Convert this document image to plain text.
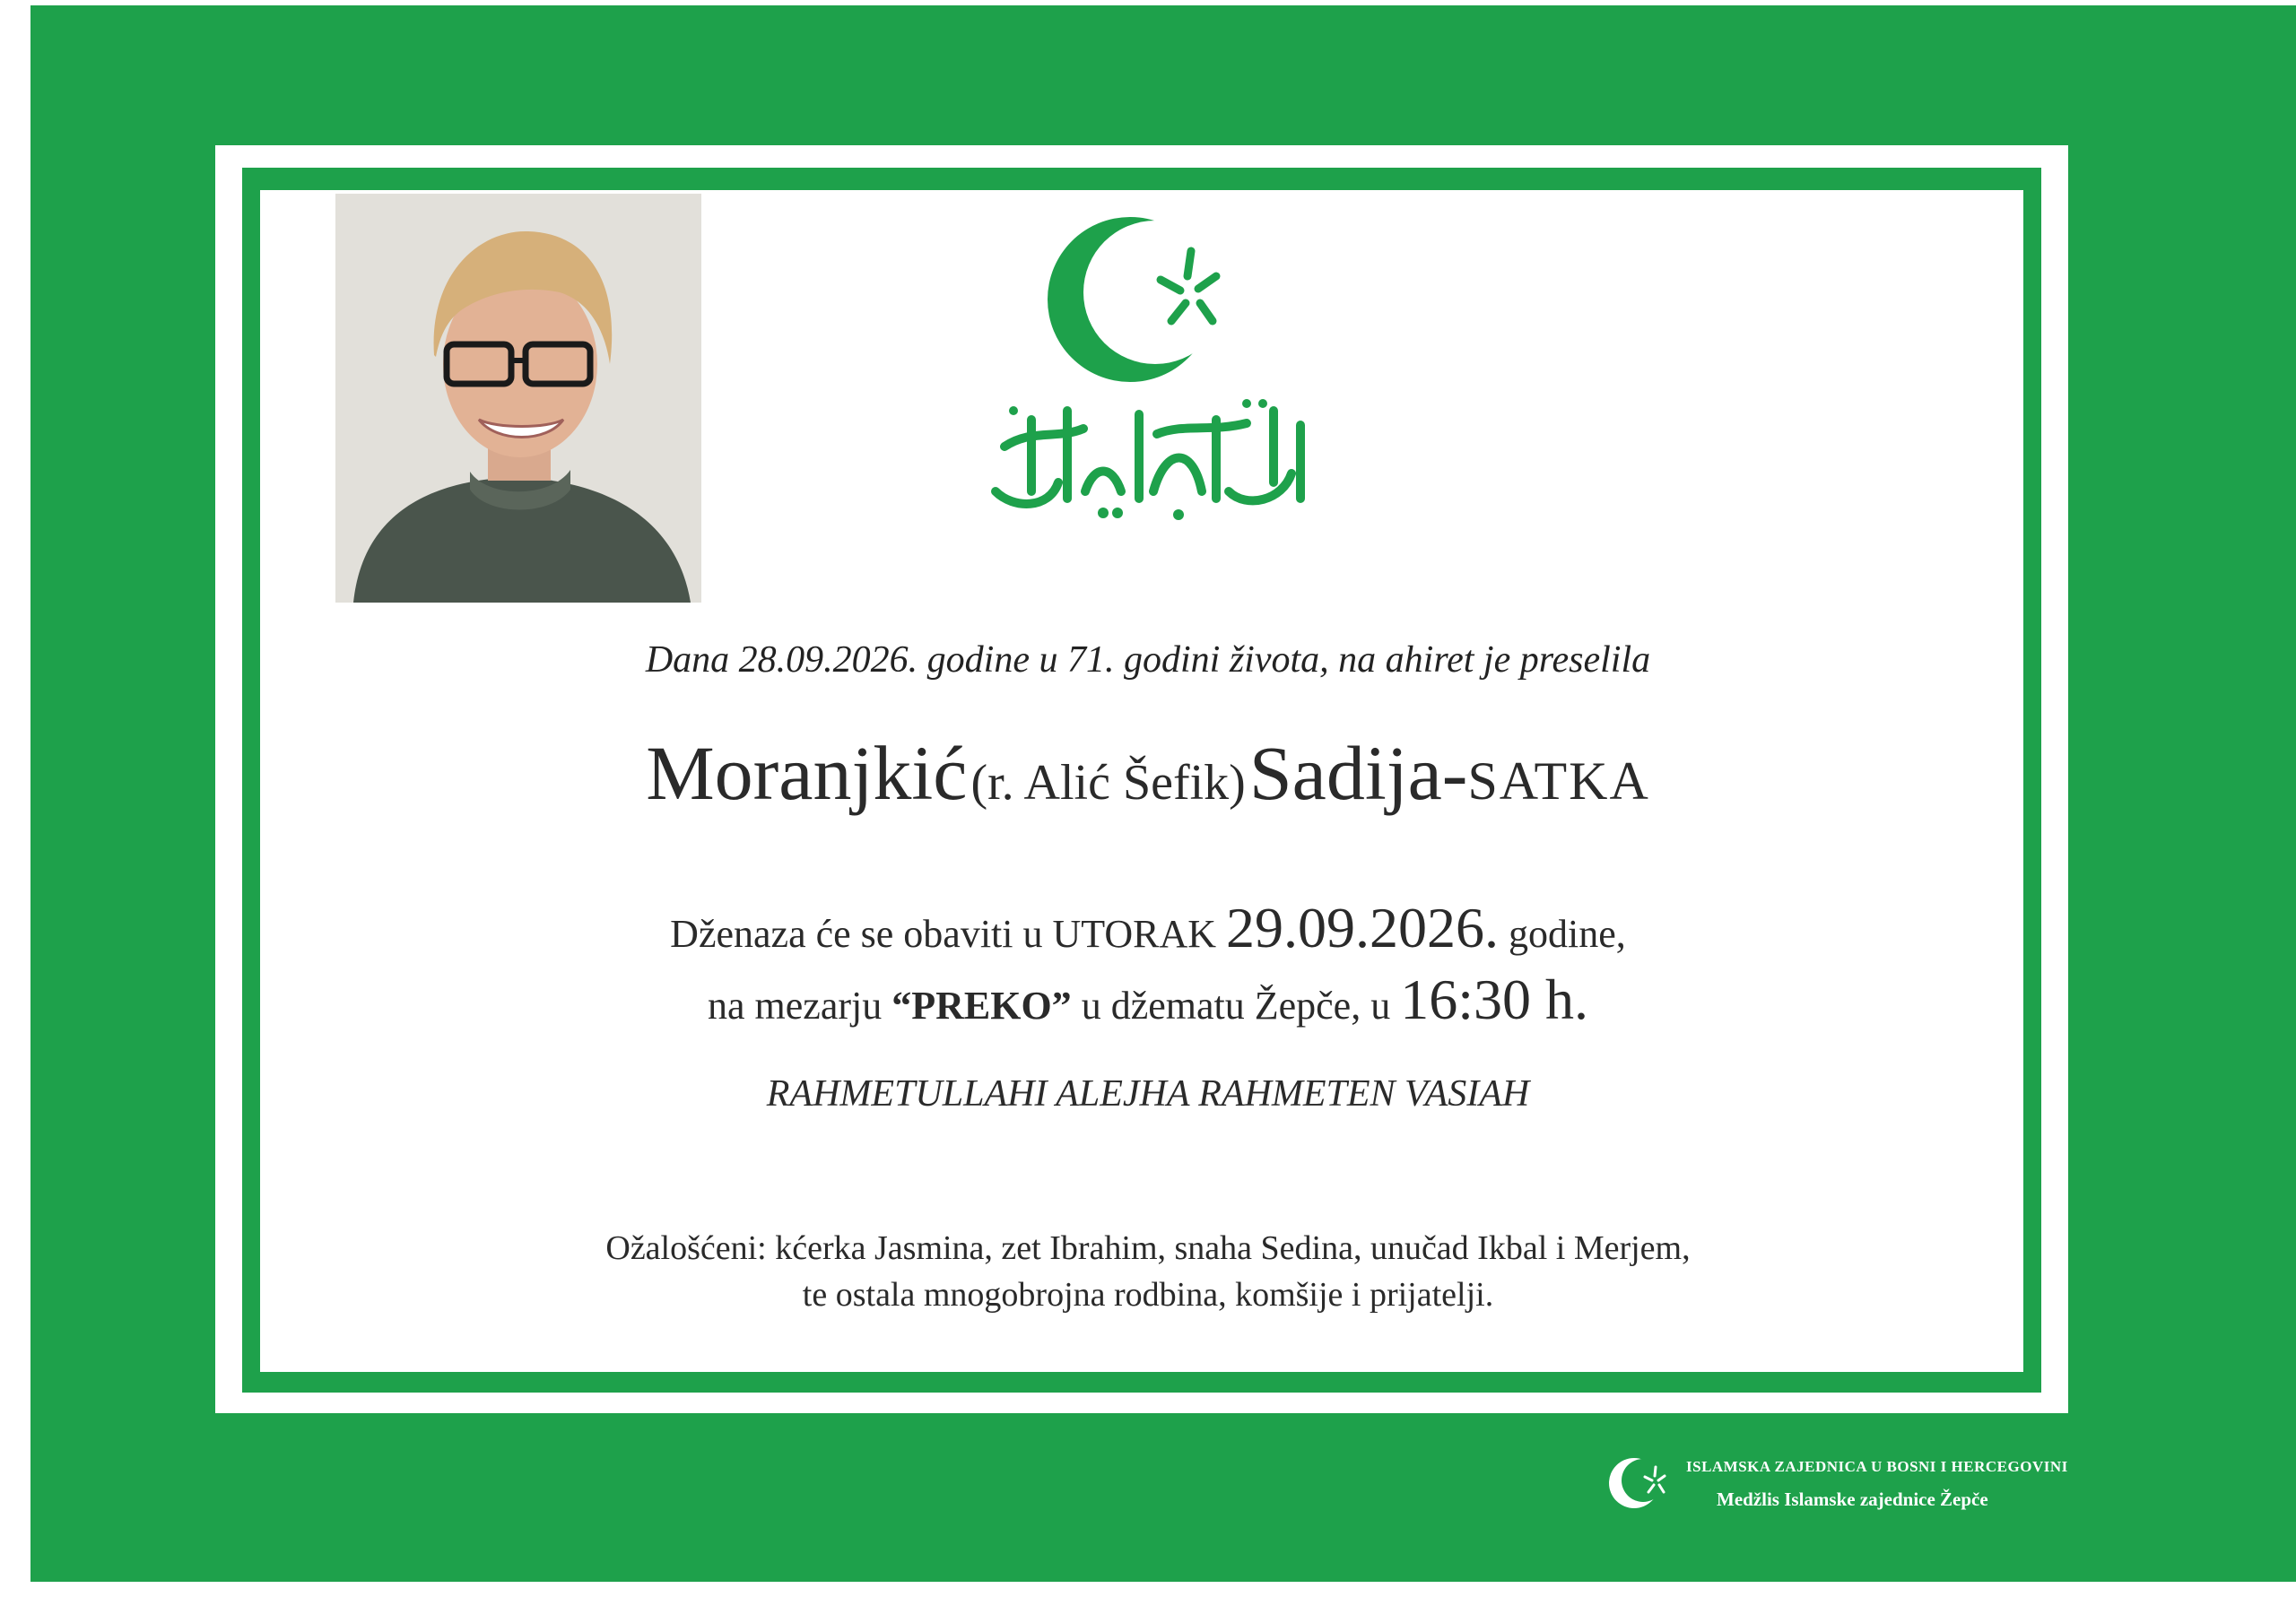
Dana 28.09.2026. godine u 71. godini života, na ahiret je preselila
Moranjkić (r. Alić Šefik) Sadija-SATKA
Dženaza će se obaviti u UTORAK 29.09.2026. godine,
na mezarju “PREKO” u džematu Žepče, u 16:30 h.
RAHMETULLAHI ALEJHA RAHMETEN VASIAH
Ožalošćeni: kćerka Jasmina, zet Ibrahim, snaha Sedina, unučad Ikbal i Merjem,
te ostala mnogobrojna rodbina, komšije i prijatelji.
ISLAMSKA ZAJEDNICA U BOSNI I HERCEGOVINI
Medžlis Islamske zajednice Žepče
